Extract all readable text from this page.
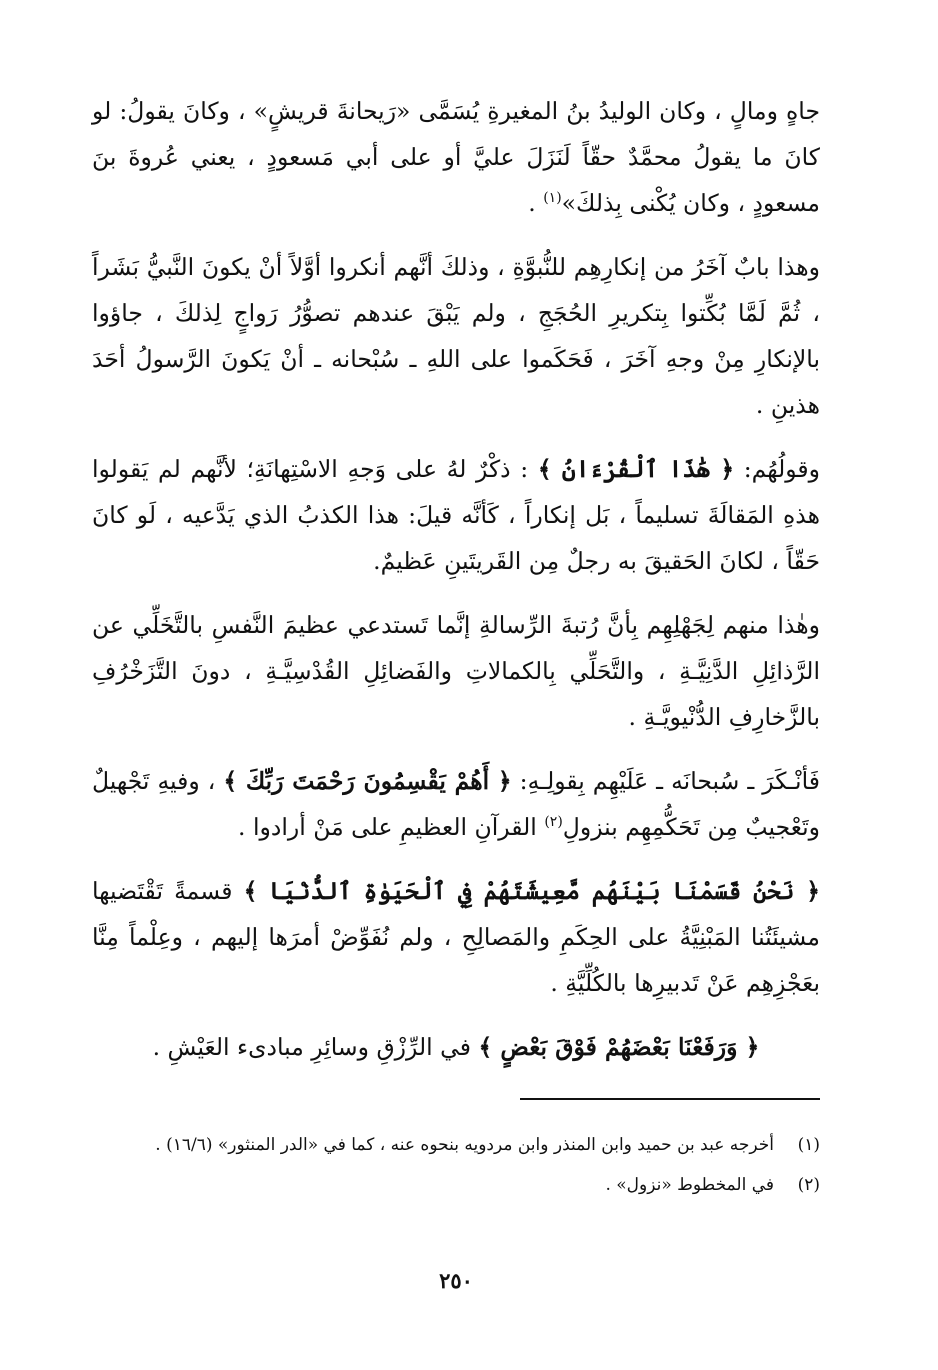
جاهٍ ومالٍ ، وكان الوليدُ بنُ المغيرةِ يُسَمَّى «رَيحانةَ قريشٍ» ، وكانَ يقولُ: لو كانَ ما يقولُ محمَّدٌ حقّاً لَنَزَلَ عليَّ أو على أبي مَسعودٍ ، يعني عُروةَ بنَ مسعودٍ ، وكان يُكْنى بِذلكَ»$^{(١)}$ .

وهذا بابٌ آخَرُ من إنكارِهِم للنُّبوَّةِ ، وذلكَ أنَّهم أنكروا أوَّلاً أنْ يكونَ النَّبيُّ بَشَراً ، ثُمَّ لَمَّا بُكِّتوا بِتكريرِ الحُجَجِ ، ولم يَبْقَ عندهم تصوُّرُ رَواجٍ لِذلكَ ، جاؤوا بالإنكارِ مِنْ وجهِ آخَرَ ، فَحَكَموا على اللهِ ـ سُبْحانه ـ أنْ يَكونَ الرَّسولُ أحَدَ هذينِ .

وقولُهُم: ﴿ هَٰذَا ٱلْقُرْءَانُ ﴾ : ذكْرٌ لهُ على وَجهِ الاسْتِهانَةِ؛ لأنَّهم لم يَقولوا هذهِ المَقالَةَ تسليماً ، بَل إنكاراً ، كَأنَّه قيلَ: هذا الكذبُ الذي يَدَّعيه ، لَو كانَ حَقّاً ، لكانَ الحَقيقَ به رجلٌ مِن القَريتَينِ عَظيمٌ.

وهٰذا منهم لِجَهْلِهِم بِأنَّ رُتبةَ الرِّسالةِ إنَّما تَستدعي عظيمَ النَّفسِ بالتَّخَلِّي عن الرَّذائِلِ الدَّنِيَّـةِ ، والتَّحَلِّي بِالكمالاتِ والفَضائِلِ القُدْسِيَّـةِ ، دونَ التَّزَخْرُفِ بالزَّخارِفِ الدُّنْيويَّـةِ .

فَأنْـكَرَ ـ سُبحانَه ـ عَلَيْهِم بِقولِـهِ: ﴿ أَهُمْ يَقْسِمُونَ رَحْمَتَ رَبِّكَ ﴾ ، وفيهِ تَجْهيلٌ وتَعْجيبٌ مِن تَحَكُّمِهِم بنزولِ$^{(٢)}$ القرآنِ العظيمِ على مَنْ أرادوا .

﴿ نَحْنُ قَسَمْنَا بَيْنَهُم مَّعِيشَتَهُمْ فِي ٱلْحَيَوٰةِ ٱلدُّنْيَا ﴾ قسمةً تَقْتَضيها مشيئَتُنا المَبْنِيَّةُ على الحِكَمِ والمَصالِحِ ، ولم نُفَوِّضْ أمرَها إليهم ، وعِلْماً مِنَّا بعَجْزِهِم عَنْ تَدبيرِها بالكُلِّيَّةِ .

﴿ وَرَفَعْنَا بَعْضَهُمْ فَوْقَ بَعْضٍ ﴾ في الرِّزْقِ وسائِرِ مبادىء العَيْشِ .

(١)
أخرجه عبد بن حميد وابن المنذر وابن مردويه بنحوه عنه ، كما في «الدر المنثور» (١٦/٦) .
(٢)
في المخطوط «نزول» .
٢٥٠
